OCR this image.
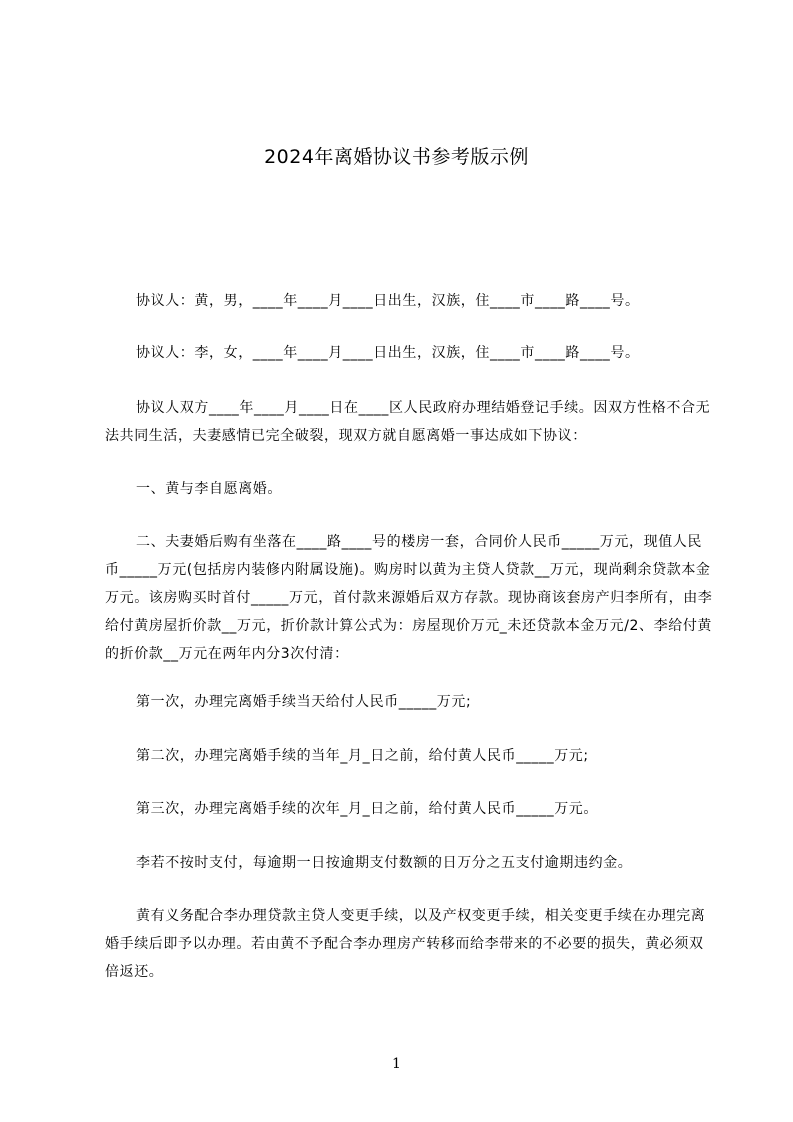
2024年离婚协议书参考版示例
协议人：黄，男，____年____月____日出生，汉族，住____市____路____号。
协议人：李，女，____年____月____日出生，汉族，住____市____路____号。
协议人双方____年____月____日在____区人民政府办理结婚登记手续。因双方性格不合无法共同生活，夫妻感情已完全破裂，现双方就自愿离婚一事达成如下协议：
一、黄与李自愿离婚。
二、夫妻婚后购有坐落在____路____号的楼房一套，合同价人民币_____万元，现值人民币_____万元(包括房内装修内附属设施)。购房时以黄为主贷人贷款__万元，现尚剩余贷款本金万元。该房购买时首付_____万元，首付款来源婚后双方存款。现协商该套房产归李所有，由李给付黄房屋折价款__万元，折价款计算公式为：房屋现价万元_未还贷款本金万元/2、李给付黄的折价款__万元在两年内分3次付清：
第一次，办理完离婚手续当天给付人民币_____万元;
第二次，办理完离婚手续的当年_月_日之前，给付黄人民币_____万元;
第三次，办理完离婚手续的次年_月_日之前，给付黄人民币_____万元。
李若不按时支付，每逾期一日按逾期支付数额的日万分之五支付逾期违约金。
黄有义务配合李办理贷款主贷人变更手续，以及产权变更手续，相关变更手续在办理完离婚手续后即予以办理。若由黄不予配合李办理房产转移而给李带来的不必要的损失，黄必须双倍返还。
1
